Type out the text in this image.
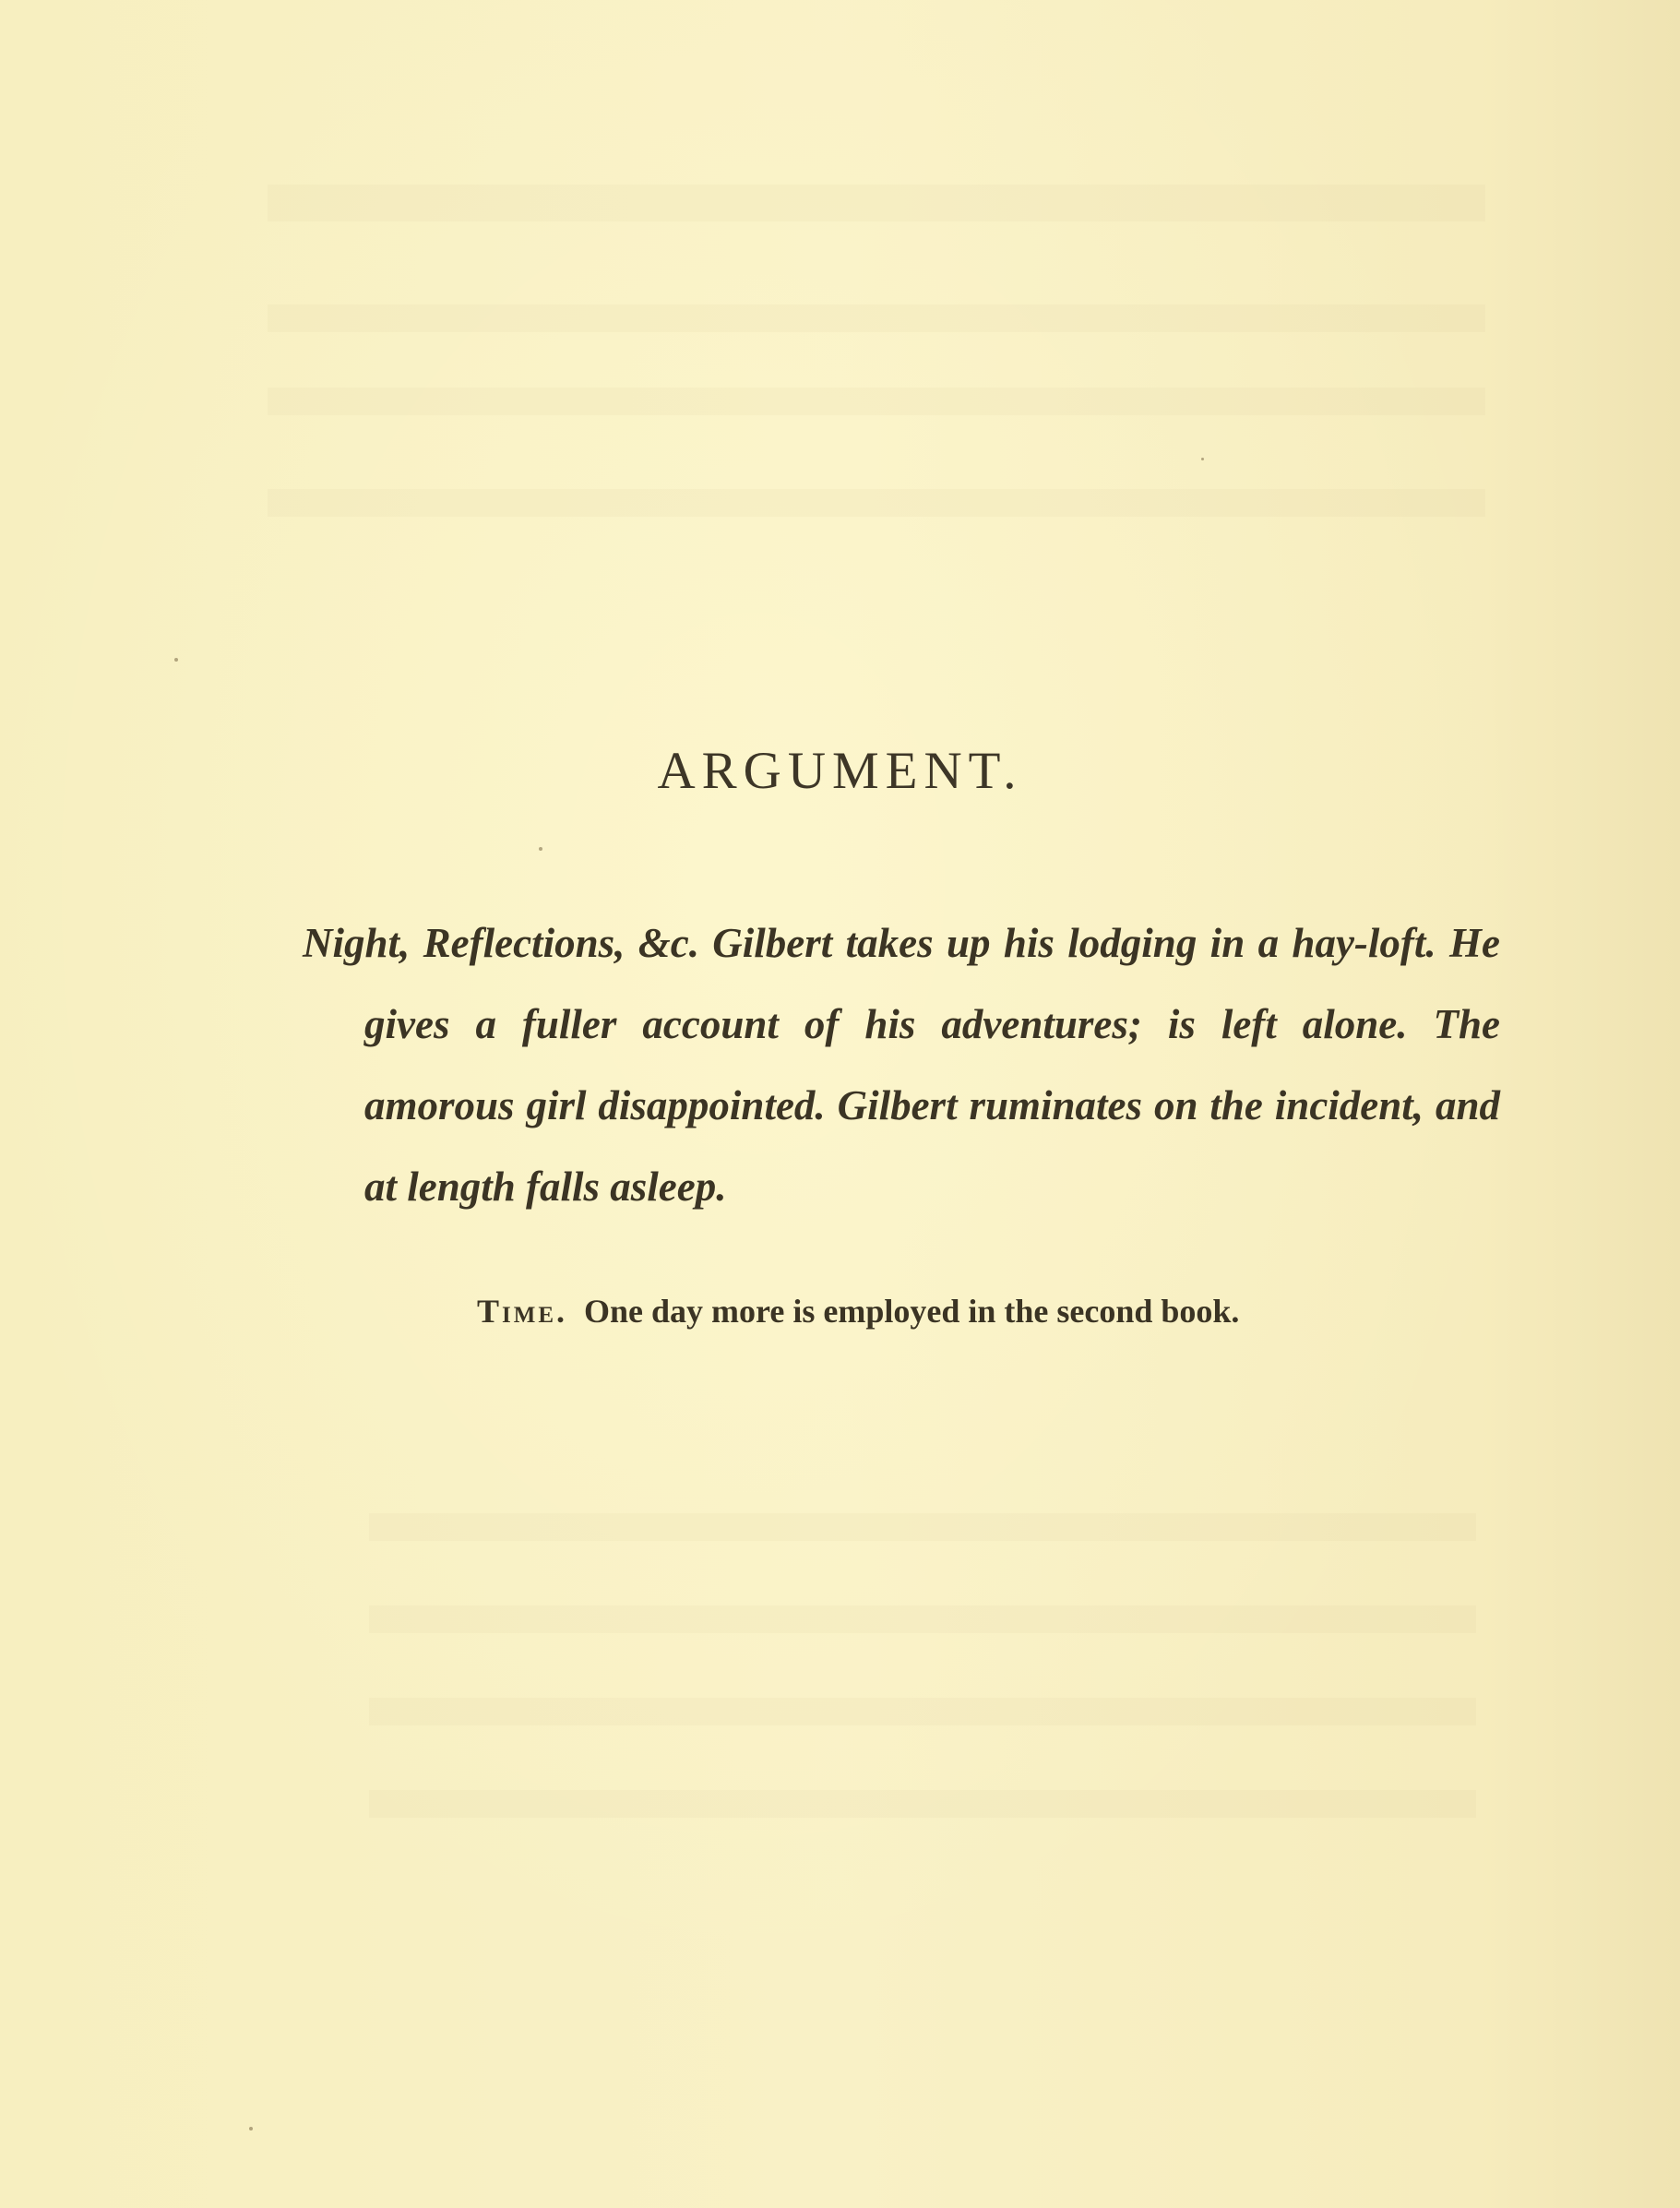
ARGUMENT.

Night, Reflections, &c. Gilbert takes up his lodging in a hay-loft. He gives a fuller account of his adventures; is left alone. The amorous girl disappointed. Gilbert ruminates on the incident, and at length falls asleep.

Time. One day more is employed in the second book.
